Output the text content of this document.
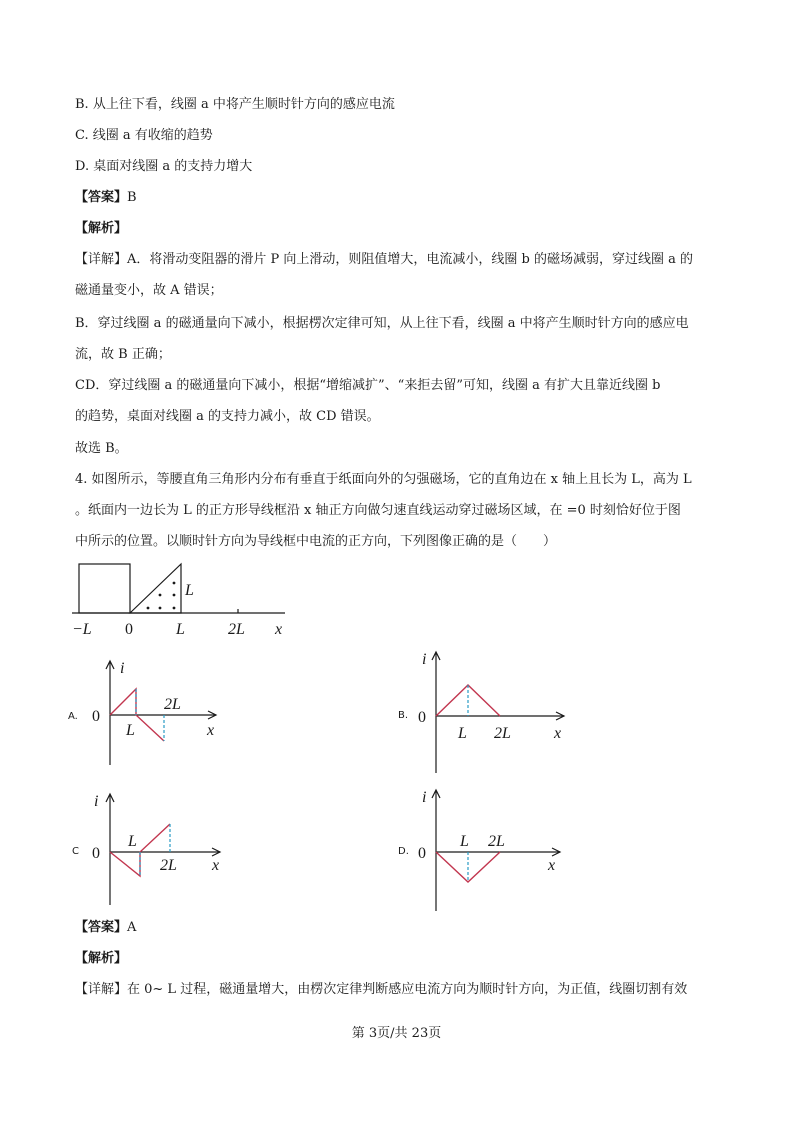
B. 从上往下看，线圈 a 中将产生顺时针方向的感应电流
C. 线圈 a 有收缩的趋势
D. 桌面对线圈 a 的支持力增大
【答案】B
【解析】
【详解】A．将滑动变阻器的滑片 P 向上滑动，则阻值增大，电流减小，线圈 b 的磁场减弱，穿过线圈 a 的
磁通量变小，故 A 错误；
B．穿过线圈 a 的磁通量向下减小，根据楞次定律可知，从上往下看，线圈 a 中将产生顺时针方向的感应电
流，故 B 正确；
CD．穿过线圈 a 的磁通量向下减小，根据“增缩减扩”、“来拒去留”可知，线圈 a 有扩大且靠近线圈 b
的趋势，桌面对线圈 a 的支持力减小，故 CD 错误。
故选 B。
4. 如图所示，等腰直角三角形内分布有垂直于纸面向外的匀强磁场，它的直角边在 x 轴上且长为 L，高为 L
。纸面内一边长为 L 的正方形导线框沿 x 轴正方向做匀速直线运动穿过磁场区域，在 =0 时刻恰好位于图
中所示的位置。以顺时针方向为导线框中电流的正方向，下列图像正确的是（　　）
L
−L 0	L	2L x
A.
i
0
L
2L
x
B.
i
0
L 2L	x
C
i
0
L
2L x
D.
i
0
L 2L
x
【答案】A
【解析】
【详解】在 0~ L 过程，磁通量增大，由楞次定律判断感应电流方向为顺时针方向，为正值，线圈切割有效
第 3页/共 23页
